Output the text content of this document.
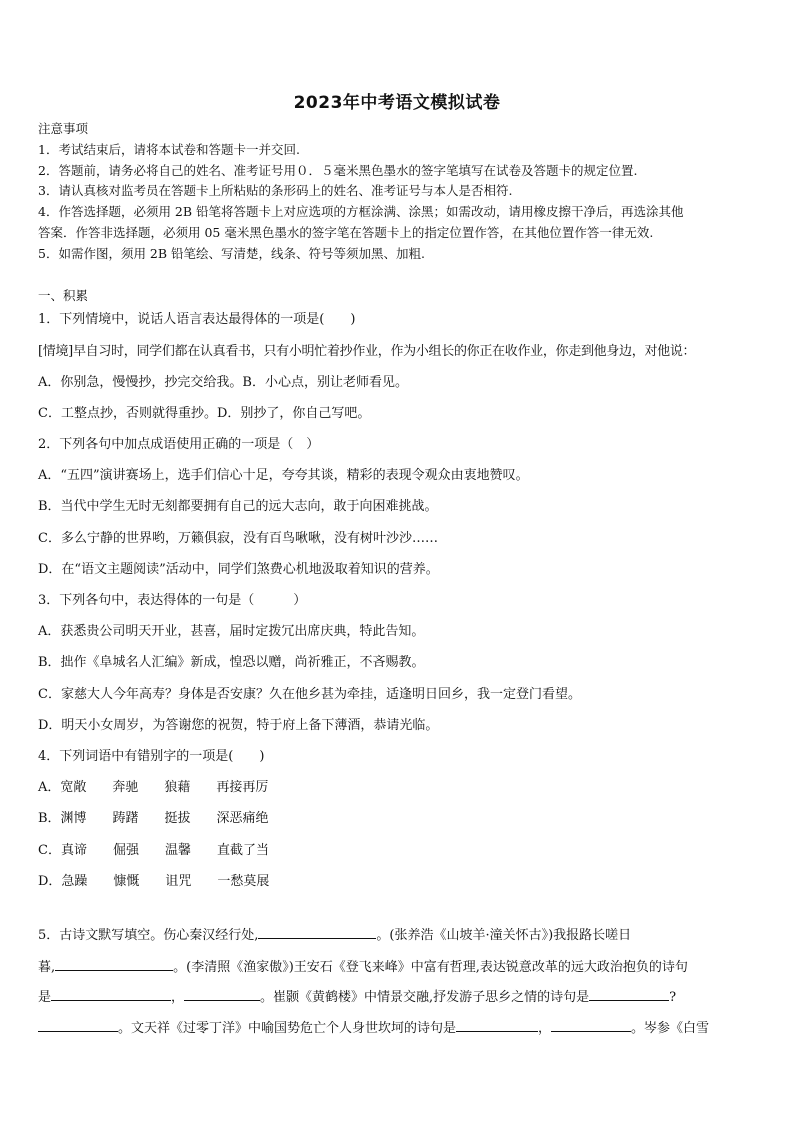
2023年中考语文模拟试卷
注意事项
1．考试结束后，请将本试卷和答题卡一并交回.
2．答题前，请务必将自己的姓名、准考证号用０．５毫米黑色墨水的签字笔填写在试卷及答题卡的规定位置.
3．请认真核对监考员在答题卡上所粘贴的条形码上的姓名、准考证号与本人是否相符.
4．作答选择题，必须用 2B 铅笔将答题卡上对应选项的方框涂满、涂黑；如需改动，请用橡皮擦干净后，再选涂其他
答案．作答非选择题，必须用 05 毫米黑色墨水的签字笔在答题卡上的指定位置作答，在其他位置作答一律无效.
5．如需作图，须用 2B 铅笔绘、写清楚，线条、符号等须加黑、加粗.
一、积累
1．下列情境中，说话人语言表达最得体的一项是(　　)
[情境]早自习时，同学们都在认真看书，只有小明忙着抄作业，作为小组长的你正在收作业，你走到他身边，对他说：
A．你别急，慢慢抄，抄完交给我。B．小心点，别让老师看见。
C．工整点抄，否则就得重抄。D．别抄了，你自己写吧。
2．下列各句中加点成语使用正确的一项是（　）
A．“五四”演讲赛场上，选手们信心十足，夸夸其谈，精彩的表现令观众由衷地赞叹。
B．当代中学生无时无刻都要拥有自己的远大志向，敢于向困难挑战。
C．多么宁静的世界哟，万籁俱寂，没有百鸟啾啾，没有树叶沙沙……
D．在“语文主题阅读”活动中，同学们煞费心机地汲取着知识的营养。
3．下列各句中，表达得体的一句是（　　　）
A．获悉贵公司明天开业，甚喜，届时定拨冗出席庆典，特此告知。
B．拙作《阜城名人汇编》新成，惶恐以赠，尚祈雅正，不吝赐教。
C．家慈大人今年高寿？身体是否安康？久在他乡甚为牵挂，适逢明日回乡，我一定登门看望。
D．明天小女周岁，为答谢您的祝贺，特于府上备下薄酒，恭请光临。
4．下列词语中有错别字的一项是(　　)
A．宽敞　　奔驰　　狼藉　　再接再厉
B．渊博　　踌躇　　挺拔　　深恶痛绝
C．真谛　　倔强　　温馨　　直截了当
D．急躁　　慷慨　　诅咒　　一愁莫展
5．古诗文默写填空。伤心秦汉经行处,	。(张养浩《山坡羊·潼关怀古》)我报路长嗟日
暮,	。(李清照《渔家傲》)王安石《登飞来峰》中富有哲理,表达锐意改革的远大政治抱负的诗句
是	，	。崔颢《黄鹤楼》中情景交融,抒发游子思乡之情的诗句是	?
。文天祥《过零丁洋》中喻国势危亡个人身世坎坷的诗句是	，	。岑参《白雪
